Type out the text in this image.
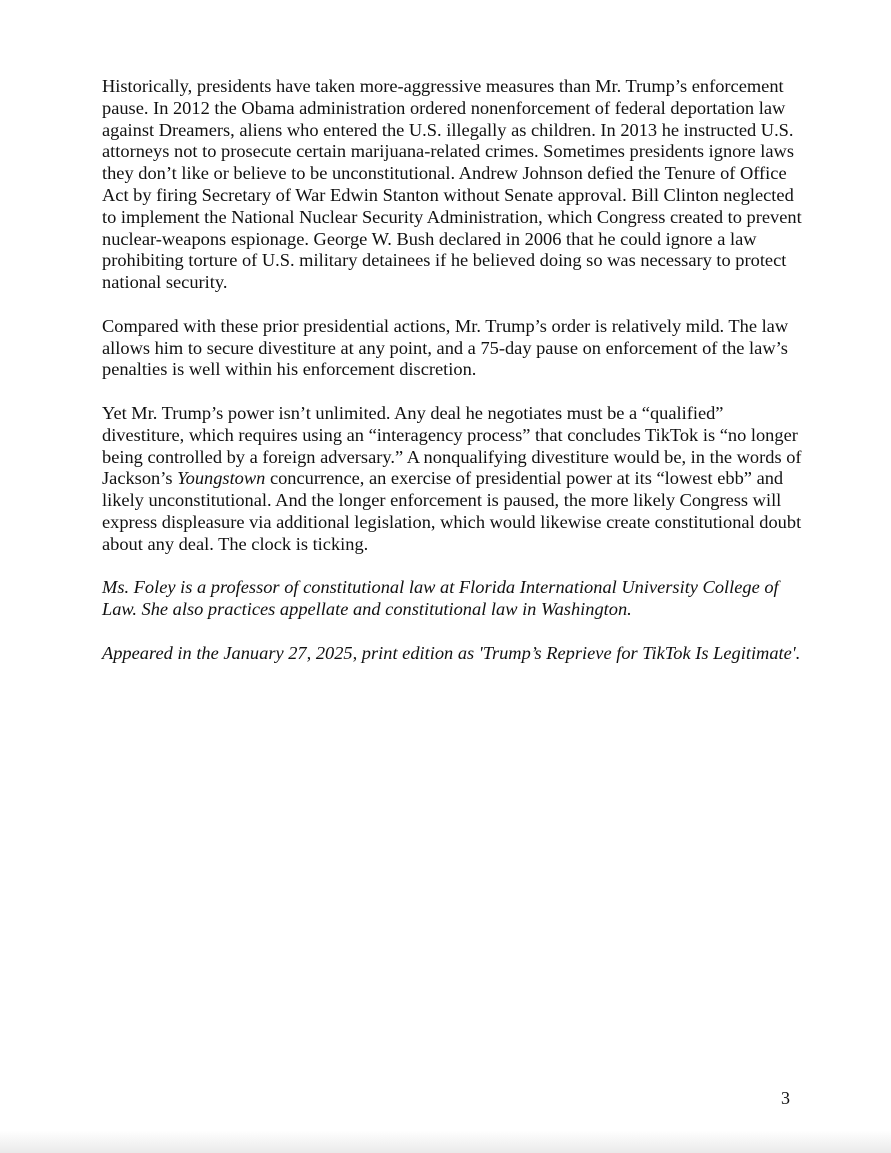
Historically, presidents have taken more-aggressive measures than Mr. Trump’s enforcement pause. In 2012 the Obama administration ordered nonenforcement of federal deportation law against Dreamers, aliens who entered the U.S. illegally as children. In 2013 he instructed U.S. attorneys not to prosecute certain marijuana-related crimes. Sometimes presidents ignore laws they don’t like or believe to be unconstitutional. Andrew Johnson defied the Tenure of Office Act by firing Secretary of War Edwin Stanton without Senate approval. Bill Clinton neglected to implement the National Nuclear Security Administration, which Congress created to prevent nuclear-weapons espionage. George W. Bush declared in 2006 that he could ignore a law prohibiting torture of U.S. military detainees if he believed doing so was necessary to protect national security.

Compared with these prior presidential actions, Mr. Trump’s order is relatively mild. The law allows him to secure divestiture at any point, and a 75-day pause on enforcement of the law’s penalties is well within his enforcement discretion.

Yet Mr. Trump’s power isn’t unlimited. Any deal he negotiates must be a “qualified” divestiture, which requires using an “interagency process” that concludes TikTok is “no longer being controlled by a foreign adversary.” A nonqualifying divestiture would be, in the words of Jackson’s Youngstown concurrence, an exercise of presidential power at its “lowest ebb” and likely unconstitutional. And the longer enforcement is paused, the more likely Congress will express displeasure via additional legislation, which would likewise create constitutional doubt about any deal. The clock is ticking.

Ms. Foley is a professor of constitutional law at Florida International University College of Law. She also practices appellate and constitutional law in Washington.

Appeared in the January 27, 2025, print edition as 'Trump’s Reprieve for TikTok Is Legitimate'.

3
